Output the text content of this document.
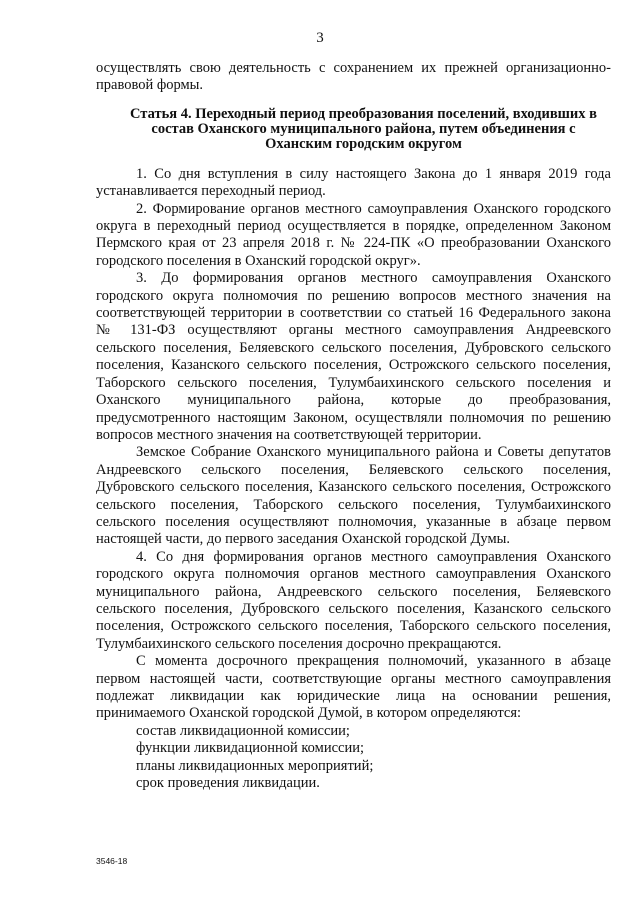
3

осуществлять свою деятельность с сохранением их прежней организационно-правовой формы.

Статья 4. Переходный период преобразования поселений, входивших в состав Оханского муниципального района, путем объединения с Оханским городским округом

1. Со дня вступления в силу настоящего Закона до 1 января 2019 года устанавливается переходный период.

2. Формирование органов местного самоуправления Оханского городского округа в переходный период осуществляется в порядке, определенном Законом Пермского края от 23 апреля 2018 г. № 224-ПК «О преобразовании Оханского городского поселения в Оханский городской округ».

3. До формирования органов местного самоуправления Оханского городского округа полномочия по решению вопросов местного значения на соответствующей территории в соответствии со статьей 16 Федерального закона № 131-ФЗ осуществляют органы местного самоуправления Андреевского сельского поселения, Беляевского сельского поселения, Дубровского сельского поселения, Казанского сельского поселения, Острожского сельского поселения, Таборского сельского поселения, Тулумбаихинского сельского поселения и Оханского муниципального района, которые до преобразования, предусмотренного настоящим Законом, осуществляли полномочия по решению вопросов местного значения на соответствующей территории.

Земское Собрание Оханского муниципального района и Советы депутатов Андреевского сельского поселения, Беляевского сельского поселения, Дубровского сельского поселения, Казанского сельского поселения, Острожского сельского поселения, Таборского сельского поселения, Тулумбаихинского сельского поселения осуществляют полномочия, указанные в абзаце первом настоящей части, до первого заседания Оханской городской Думы.

4. Со дня формирования органов местного самоуправления Оханского городского округа полномочия органов местного самоуправления Оханского муниципального района, Андреевского сельского поселения, Беляевского сельского поселения, Дубровского сельского поселения, Казанского сельского поселения, Острожского сельского поселения, Таборского сельского поселения, Тулумбаихинского сельского поселения досрочно прекращаются.

С момента досрочного прекращения полномочий, указанного в абзаце первом настоящей части, соответствующие органы местного самоуправления подлежат ликвидации как юридические лица на основании решения, принимаемого Оханской городской Думой, в котором определяются:

состав ликвидационной комиссии;

функции ликвидационной комиссии;

планы ликвидационных мероприятий;

срок проведения ликвидации.

3546-18
